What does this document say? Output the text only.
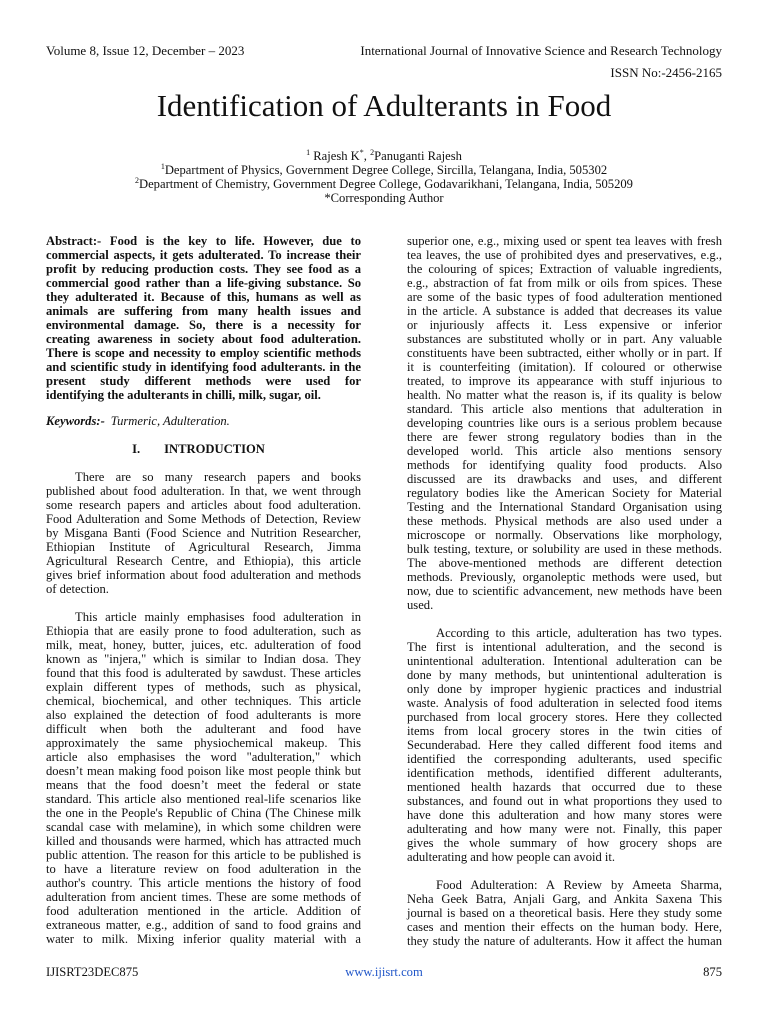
Volume 8, Issue 12, December – 2023	International Journal of Innovative Science and Research Technology
ISSN No:-2456-2165
Identification of Adulterants in Food
$^1$ Rajesh K*, $^2$Panuganti Rajesh
$^1$Department of Physics, Government Degree College, Sircilla, Telangana, India, 505302
$^2$Department of Chemistry, Government Degree College, Godavarikhani, Telangana, India, 505209
*Corresponding Author
Abstract:- Food is the key to life. However, due to
commercial aspects, it gets adulterated. To increase their
profit by reducing production costs. They see food as a
commercial good rather than a life-giving substance. So
they adulterated it. Because of this, humans as well as
animals are suffering from many health issues and
environmental damage. So, there is a necessity for
creating awareness in society about food adulteration.
There is scope and necessity to employ scientific methods
and scientific study in identifying food adulterants. in the
present study different methods were used for
identifying the adulterants in chilli, milk, sugar, oil.
Keywords:- Turmeric, Adulteration.
I. INTRODUCTION
There are so many research papers and books
published about food adulteration. In that, we went through
some research papers and articles about food adulteration.
Food Adulteration and Some Methods of Detection, Review
by Misgana Banti (Food Science and Nutrition Researcher,
Ethiopian Institute of Agricultural Research, Jimma
Agricultural Research Centre, and Ethiopia), this article
gives brief information about food adulteration and methods
of detection.
This article mainly emphasises food adulteration in
Ethiopia that are easily prone to food adulteration, such as
milk, meat, honey, butter, juices, etc. adulteration of food
known as "injera," which is similar to Indian dosa. They
found that this food is adulterated by sawdust. These articles
explain different types of methods, such as physical,
chemical, biochemical, and other techniques. This article
also explained the detection of food adulterants is more
difficult when both the adulterant and food have
approximately the same physiochemical makeup. This
article also emphasises the word "adulteration," which
doesn’t mean making food poison like most people think but
means that the food doesn’t meet the federal or state
standard. This article also mentioned real-life scenarios like
the one in the People's Republic of China (The Chinese milk
scandal case with melamine), in which some children were
killed and thousands were harmed, which has attracted much
public attention. The reason for this article to be published is
to have a literature review on food adulteration in the
author's country. This article mentions the history of food
adulteration from ancient times. These are some methods of
food adulteration mentioned in the article. Addition of
extraneous matter, e.g., addition of sand to food grains and
water to milk. Mixing inferior quality material with a
superior one, e.g., mixing used or spent tea leaves with fresh
tea leaves, the use of prohibited dyes and preservatives, e.g.,
the colouring of spices; Extraction of valuable ingredients,
e.g., abstraction of fat from milk or oils from spices. These
are some of the basic types of food adulteration mentioned
in the article. A substance is added that decreases its value
or injuriously affects it. Less expensive or inferior
substances are substituted wholly or in part. Any valuable
constituents have been subtracted, either wholly or in part. If
it is counterfeiting (imitation). If coloured or otherwise
treated, to improve its appearance with stuff injurious to
health. No matter what the reason is, if its quality is below
standard. This article also mentions that adulteration in
developing countries like ours is a serious problem because
there are fewer strong regulatory bodies than in the
developed world. This article also mentions sensory
methods for identifying quality food products. Also
discussed are its drawbacks and uses, and different
regulatory bodies like the American Society for Material
Testing and the International Standard Organisation using
these methods. Physical methods are also used under a
microscope or normally. Observations like morphology,
bulk testing, texture, or solubility are used in these methods.
The above-mentioned methods are different detection
methods. Previously, organoleptic methods were used, but
now, due to scientific advancement, new methods have been
used.
According to this article, adulteration has two types.
The first is intentional adulteration, and the second is
unintentional adulteration. Intentional adulteration can be
done by many methods, but unintentional adulteration is
only done by improper hygienic practices and industrial
waste. Analysis of food adulteration in selected food items
purchased from local grocery stores. Here they collected
items from local grocery stores in the twin cities of
Secunderabad. Here they called different food items and
identified the corresponding adulterants, used specific
identification methods, identified different adulterants,
mentioned health hazards that occurred due to these
substances, and found out in what proportions they used to
have done this adulteration and how many stores were
adulterating and how many were not. Finally, this paper
gives the whole summary of how grocery shops are
adulterating and how people can avoid it.
Food Adulteration: A Review by Ameeta Sharma,
Neha Geek Batra, Anjali Garg, and Ankita Saxena This
journal is based on a theoretical basis. Here they study some
cases and mention their effects on the human body. Here,
they study the nature of adulterants. How it affect the human
IJISRT23DEC875	www.ijisrt.com	875
